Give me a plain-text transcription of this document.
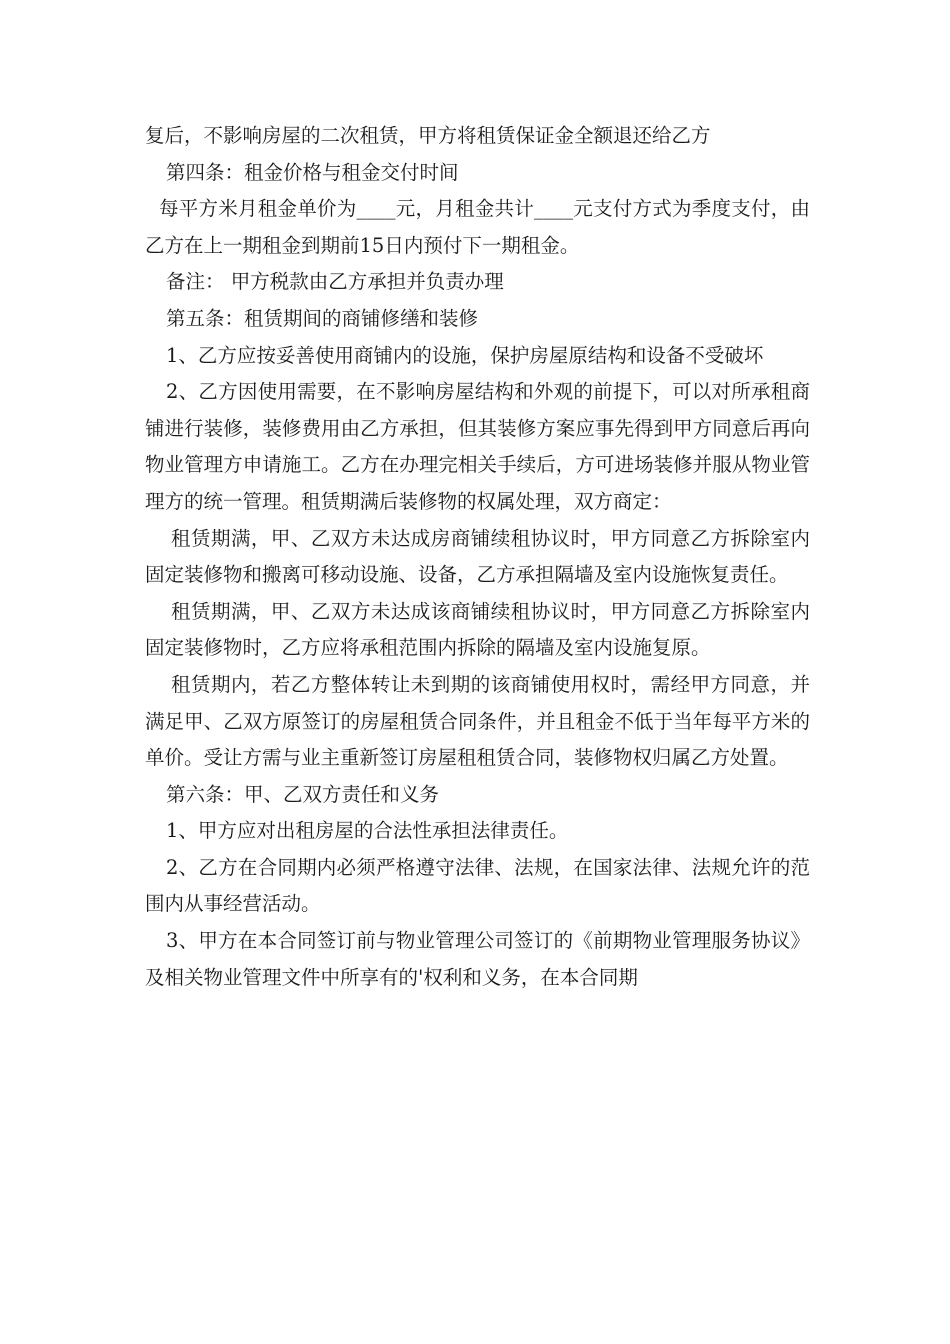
复后，不影响房屋的二次租赁，甲方将租赁保证金全额退还给乙方

第四条：租金价格与租金交付时间

每平方米月租金单价为____元，月租金共计____元支付方式为季度支付，由乙方在上一期租金到期前15日内预付下一期租金。

备注： 甲方税款由乙方承担并负责办理

第五条：租赁期间的商铺修缮和装修

1、乙方应按妥善使用商铺内的设施，保护房屋原结构和设备不受破坏

2、乙方因使用需要，在不影响房屋结构和外观的前提下，可以对所承租商铺进行装修，装修费用由乙方承担，但其装修方案应事先得到甲方同意后再向物业管理方申请施工。乙方在办理完相关手续后，方可进场装修并服从物业管理方的统一管理。租赁期满后装修物的权属处理，双方商定：

租赁期满，甲、乙双方未达成房商铺续租协议时，甲方同意乙方拆除室内固定装修物和搬离可移动设施、设备，乙方承担隔墙及室内设施恢复责任。

租赁期满，甲、乙双方未达成该商铺续租协议时，甲方同意乙方拆除室内固定装修物时，乙方应将承租范围内拆除的隔墙及室内设施复原。

租赁期内，若乙方整体转让未到期的该商铺使用权时，需经甲方同意，并满足甲、乙双方原签订的房屋租赁合同条件，并且租金不低于当年每平方米的单价。受让方需与业主重新签订房屋租租赁合同，装修物权归属乙方处置。

第六条：甲、乙双方责任和义务

1、甲方应对出租房屋的合法性承担法律责任。

2、乙方在合同期内必须严格遵守法律、法规，在国家法律、法规允许的范围内从事经营活动。

3、甲方在本合同签订前与物业管理公司签订的《前期物业管理服务协议》及相关物业管理文件中所享有的'权利和义务，在本合同期
